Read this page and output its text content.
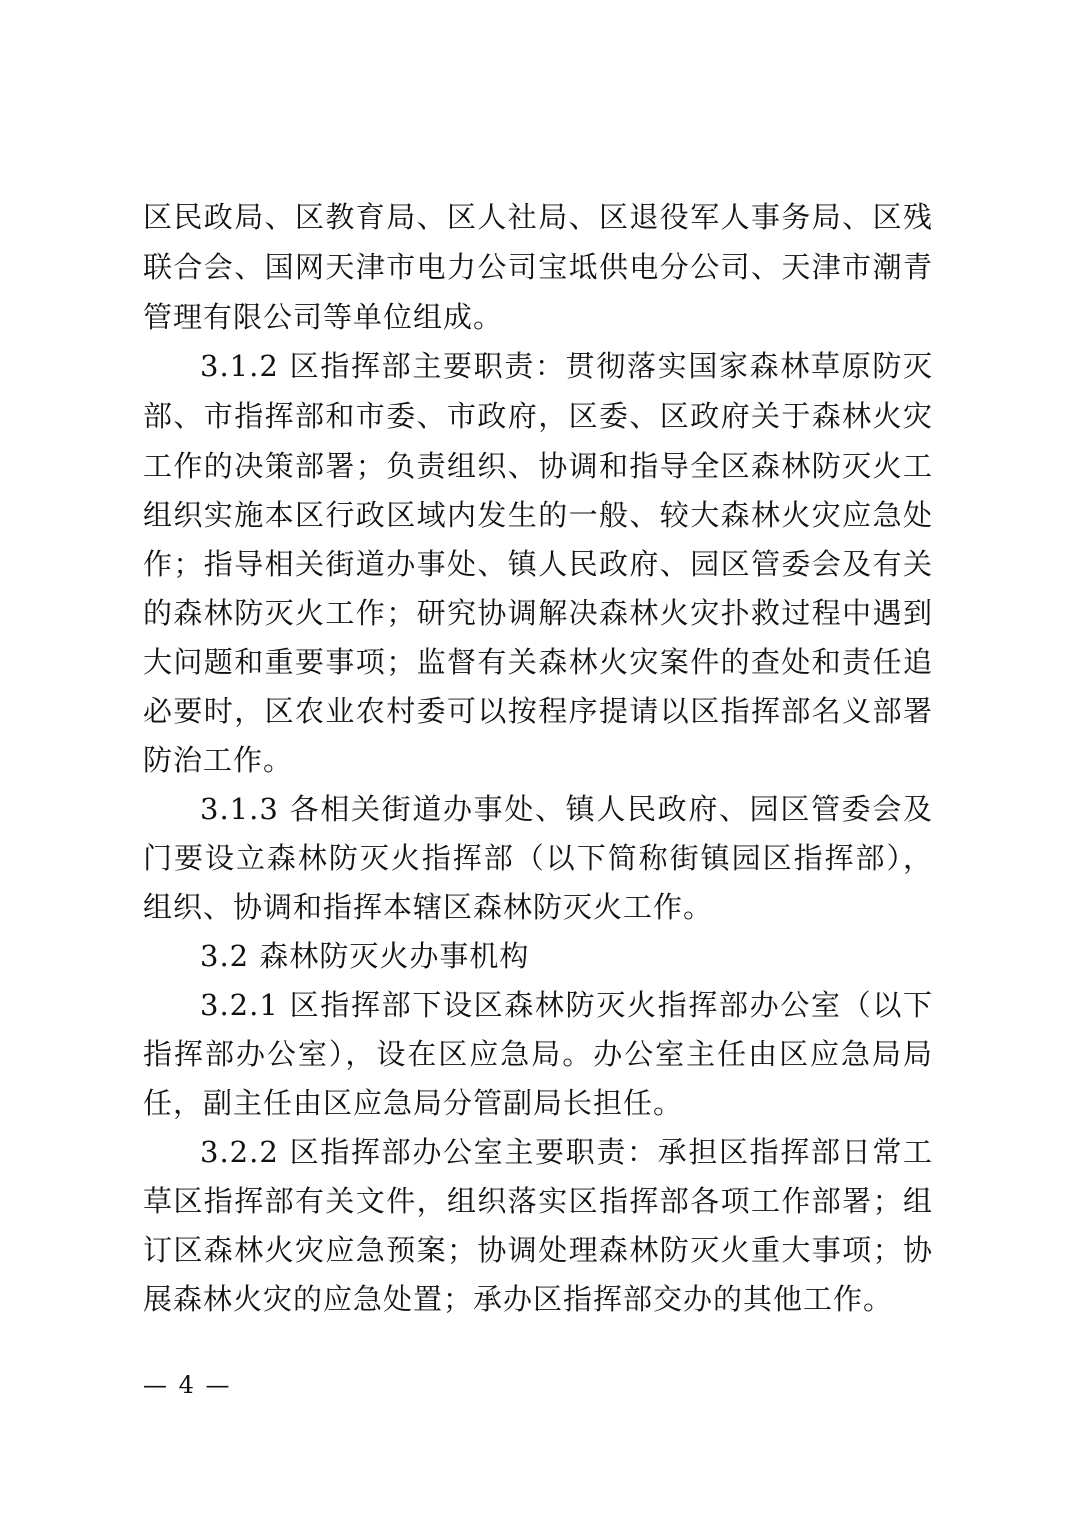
区民政局、区教育局、区人社局、区退役军人事务局、区残
联合会、国网天津市电力公司宝坻供电分公司、天津市潮青
管理有限公司等单位组成。
3.1.2 区指挥部主要职责：贯彻落实国家森林草原防灭
部、市指挥部和市委、市政府，区委、区政府关于森林火灾
工作的决策部署；负责组织、协调和指导全区森林防灭火工
组织实施本区行政区域内发生的一般、较大森林火灾应急处
作；指导相关街道办事处、镇人民政府、园区管委会及有关
的森林防灭火工作；研究协调解决森林火灾扑救过程中遇到
大问题和重要事项；监督有关森林火灾案件的查处和责任追
必要时，区农业农村委可以按程序提请以区指挥部名义部署
防治工作。
3.1.3 各相关街道办事处、镇人民政府、园区管委会及
门要设立森林防灭火指挥部（以下简称街镇园区指挥部），
组织、协调和指挥本辖区森林防灭火工作。
3.2 森林防灭火办事机构
3.2.1 区指挥部下设区森林防灭火指挥部办公室（以下
指挥部办公室），设在区应急局。办公室主任由区应急局局
任，副主任由区应急局分管副局长担任。
3.2.2 区指挥部办公室主要职责：承担区指挥部日常工
草区指挥部有关文件，组织落实区指挥部各项工作部署；组
订区森林火灾应急预案；协调处理森林防灭火重大事项；协
展森林火灾的应急处置；承办区指挥部交办的其他工作。
— 4 —
